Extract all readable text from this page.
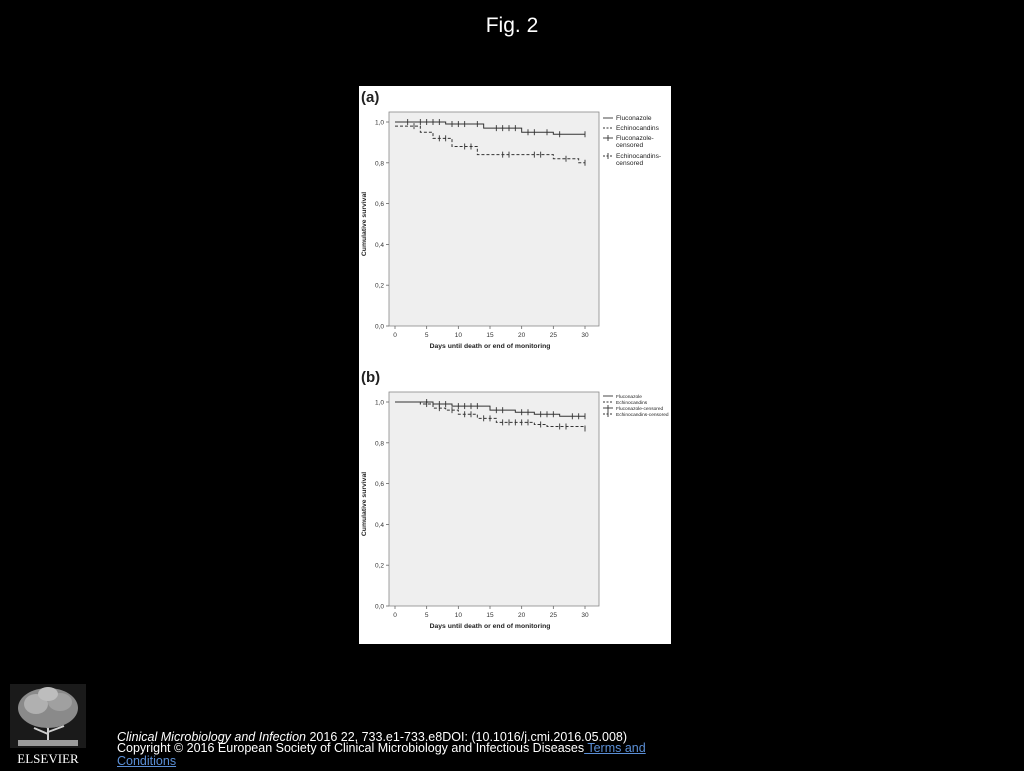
Fig. 2
(a)
0,0
0,2
0,4
0,6
0,8
1,0
0	5	10	15	20	25	30
Days until death or end of monitoring
Cumulative survival
Fluconazole
Echinocandins
Fluconazole-
censored
Echinocandins-
censored
(b)
0,0
0,2
0,4
0,6
0,8
1,0
0	5	10	15	20	25	30
Days until death or end of monitoring
Cumulative survival
Fluconazole
Echinocandins
Fluconazole-censored
Echinocandins-censored
ELSEVIER
Clinical Microbiology and Infection 2016 22, 733.e1-733.e8DOI: (10.1016/j.cmi.2016.05.008)
Copyright © 2016 European Society of Clinical Microbiology and Infectious Diseases Terms and Conditions
